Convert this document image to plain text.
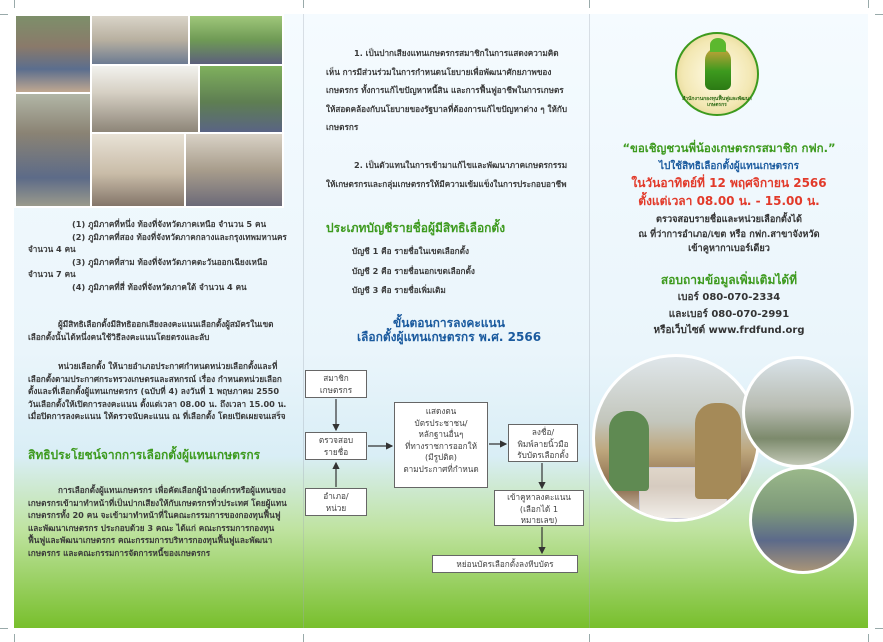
(1) ภูมิภาคที่หนึ่ง ท้องที่จังหวัดภาคเหนือ จำนวน 5 คน
(2) ภูมิภาคที่สอง ท้องที่จังหวัดภาคกลางและกรุงเทพมหานคร จำนวน 4 คน
(3) ภูมิภาคที่สาม ท้องที่จังหวัดภาคตะวันออกเฉียงเหนือ จำนวน 7 คน
(4) ภูมิภาคที่สี่ ท้องที่จังหวัดภาคใต้ จำนวน 4 คน
ผู้มีสิทธิเลือกตั้งมีสิทธิออกเสียงลงคะแนนเลือกตั้งผู้สมัครในเขตเลือกตั้งนั้นได้หนึ่งคนใช้วิธีลงคะแนนโดยตรงและลับ
หน่วยเลือกตั้ง ให้นายอำเภอประกาศกำหนดหน่วยเลือกตั้งและที่เลือกตั้งตามประกาศกระทรวงเกษตรและสหกรณ์ เรื่อง กำหนดหน่วยเลือกตั้งและที่เลือกตั้งผู้แทนเกษตรกร (ฉบับที่ 4) ลงวันที่ 1 พฤษภาคม 2550 วันเลือกตั้งให้เปิดการลงคะแนน ตั้งแต่เวลา 08.00 น. ถึงเวลา 15.00 น. เมื่อปิดการลงคะแนน ให้ตรวจนับคะแนน ณ ที่เลือกตั้ง โดยเปิดเผยจนเสร็จ
สิทธิประโยชน์จากการเลือกตั้งผู้แทนเกษตรกร
การเลือกตั้งผู้แทนเกษตรกร เพื่อคัดเลือกผู้นำองค์กรหรือผู้แทนของเกษตรกรเข้ามาทำหน้าที่เป็นปากเสียงให้กับเกษตรกรทั่วประเทศ โดยผู้แทนเกษตรกรทั้ง 20 คน จะเข้ามาทำหน้าที่ในคณะกรรมการของกองทุนฟื้นฟูและพัฒนาเกษตรกร ประกอบด้วย 3 คณะ ได้แก่ คณะกรรมการกองทุนฟื้นฟูและพัฒนาเกษตรกร คณะกรรมการบริหารกองทุนฟื้นฟูและพัฒนาเกษตรกร และคณะกรรมการจัดการหนี้ของเกษตรกร
1. เป็นปากเสียงแทนเกษตรกรสมาชิกในการแสดงความคิดเห็น การมีส่วนร่วมในการกำหนดนโยบายเพื่อพัฒนาศักยภาพของเกษตรกร ทั้งการแก้ไขปัญหาหนี้สิน และการฟื้นฟูอาชีพในการเกษตรให้สอดคล้องกับนโยบายของรัฐบาลที่ต้องการแก้ไขปัญหาต่าง ๆ ให้กับเกษตรกร
2. เป็นตัวแทนในการเข้ามาแก้ไขและพัฒนาภาคเกษตรกรรม ให้เกษตรกรและกลุ่มเกษตรกรให้มีความเข้มแข็งในการประกอบอาชีพ
ประเภทบัญชีรายชื่อผู้มีสิทธิเลือกตั้ง
บัญชี 1 คือ รายชื่อในเขตเลือกตั้ง
บัญชี 2 คือ รายชื่อนอกเขตเลือกตั้ง
บัญชี 3 คือ รายชื่อเพิ่มเติม
ขั้นตอนการลงคะแนน
เลือกตั้งผู้แทนเกษตรกร พ.ศ. 2566
สมาชิก
เกษตรกร
ตรวจสอบ
รายชื่อ
อำเภอ/
หน่วย
แสดงตน
บัตรประชาชน/
หลักฐานอื่นๆ
ที่ทางราชการออกให้
(มีรูปติด)
ตามประกาศที่กำหนด
ลงชื่อ/
พิมพ์ลายนิ้วมือ
รับบัตรเลือกตั้ง
เข้าคูหาลงคะแนน
(เลือกได้ 1
หมายเลข)
หย่อนบัตรเลือกตั้งลงหีบบัตร
สำนักงานกองทุนฟื้นฟูและพัฒนาเกษตรกร
“ขอเชิญชวนพี่น้องเกษตรกรสมาชิก กฟก.”
ไปใช้สิทธิเลือกตั้งผู้แทนเกษตรกร
ในวันอาทิตย์ที่ 12 พฤศจิกายน 2566
ตั้งแต่เวลา 08.00 น. - 15.00 น.
ตรวจสอบรายชื่อและหน่วยเลือกตั้งได้
ณ ที่ว่าการอำเภอ/เขต หรือ กฟก.สาขาจังหวัด
เข้าคูหากาเบอร์เดียว
สอบถามข้อมูลเพิ่มเติมได้ที่
เบอร์ 080-070-2334
และเบอร์ 080-070-2991
หรือเว็บไซต์ www.frdfund.org
